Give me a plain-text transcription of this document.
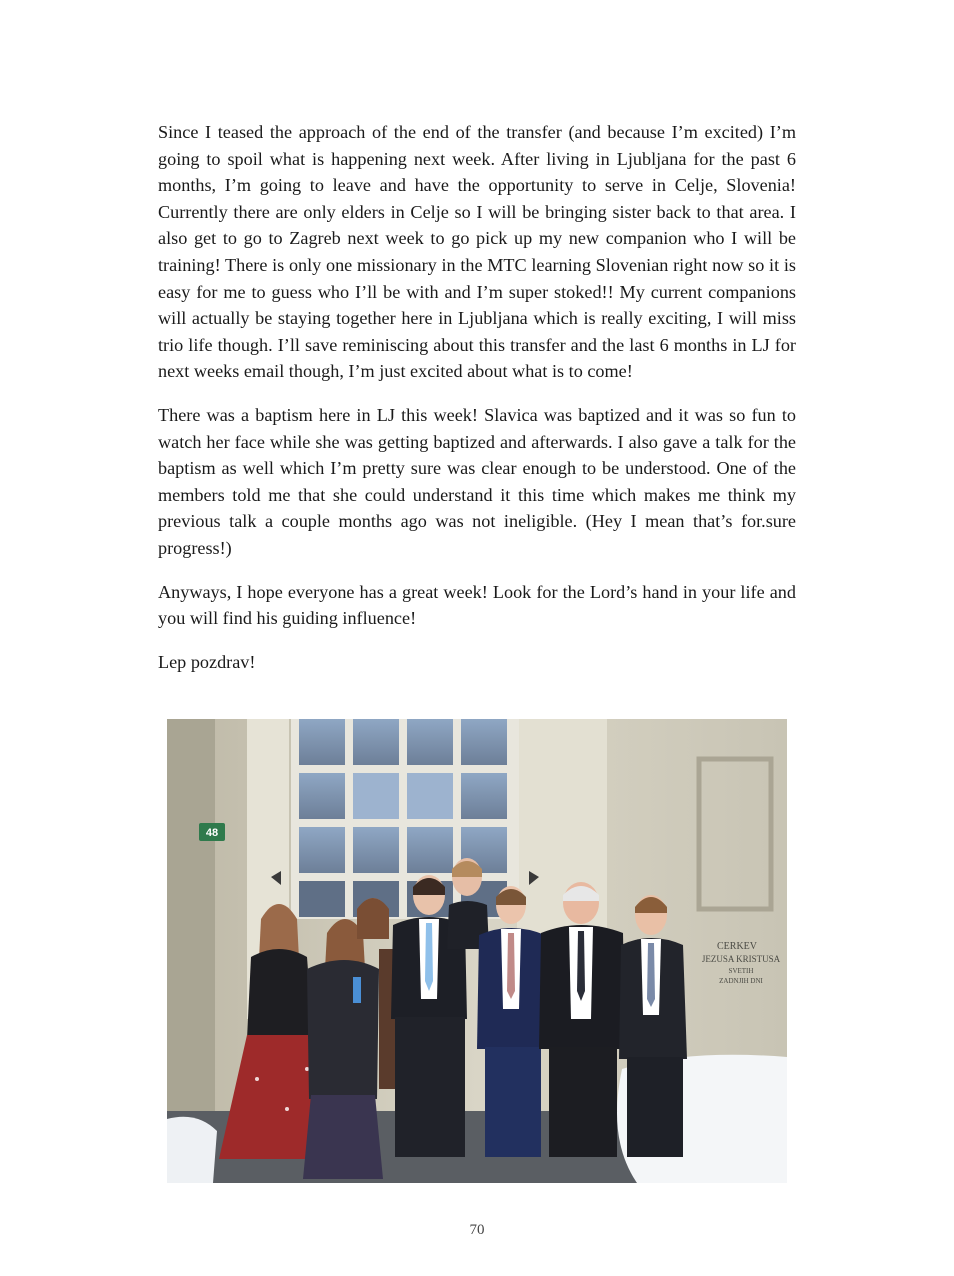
Since I teased the approach of the end of the transfer (and because I’m excited) I’m going to spoil what is happening next week. After living in Ljubljana for the past 6 months, I’m going to leave and have the opportunity to serve in Celje, Slovenia! Currently there are only elders in Celje so I will be bringing sister back to that area. I also get to go to Zagreb next week to go pick up my new companion who I will be training! There is only one missionary in the MTC learning Slovenian right now so it is easy for me to guess who I’ll be with and I’m super stoked!! My current companions will actually be staying together here in Ljubljana which is really exciting, I will miss trio life though. I’ll save reminiscing about this transfer and the last 6 months in LJ for next weeks email though, I’m just excited about what is to come!

There was a baptism here in LJ this week! Slavica was baptized and it was so fun to watch her face while she was getting baptized and afterwards. I also gave a talk for the baptism as well which I’m pretty sure was clear enough to be understood. One of the members told me that she could understand it this time which makes me think my previous talk a couple months ago was not ineligible. (Hey I mean that’s for.sure progress!)

Anyways, I hope everyone has a great week! Look for the Lord’s hand in your life and you will find his guiding influence!

Lep pozdrav!

48
CERKEV
JEZUSA KRISTUSA
SVETIH
ZADNJIH DNI
70
